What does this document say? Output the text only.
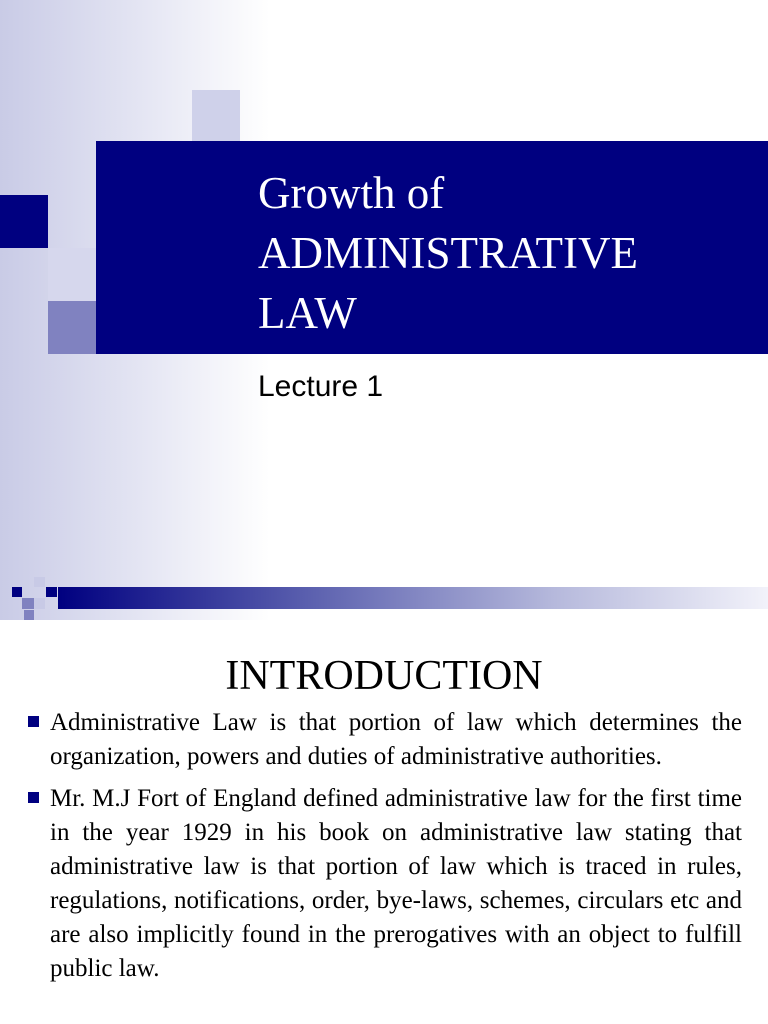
Growth of
ADMINISTRATIVE
LAW
Lecture 1
INTRODUCTION
Administrative Law is that portion of law which determines the organization, powers and duties of administrative authorities.
Mr. M.J Fort of England defined administrative law for the first time in the year 1929 in his book on administrative law stating that administrative law is that portion of law which is traced in rules, regulations, notifications, order, bye-laws, schemes, circulars etc and are also implicitly found in the prerogatives with an object to fulfill public law.
